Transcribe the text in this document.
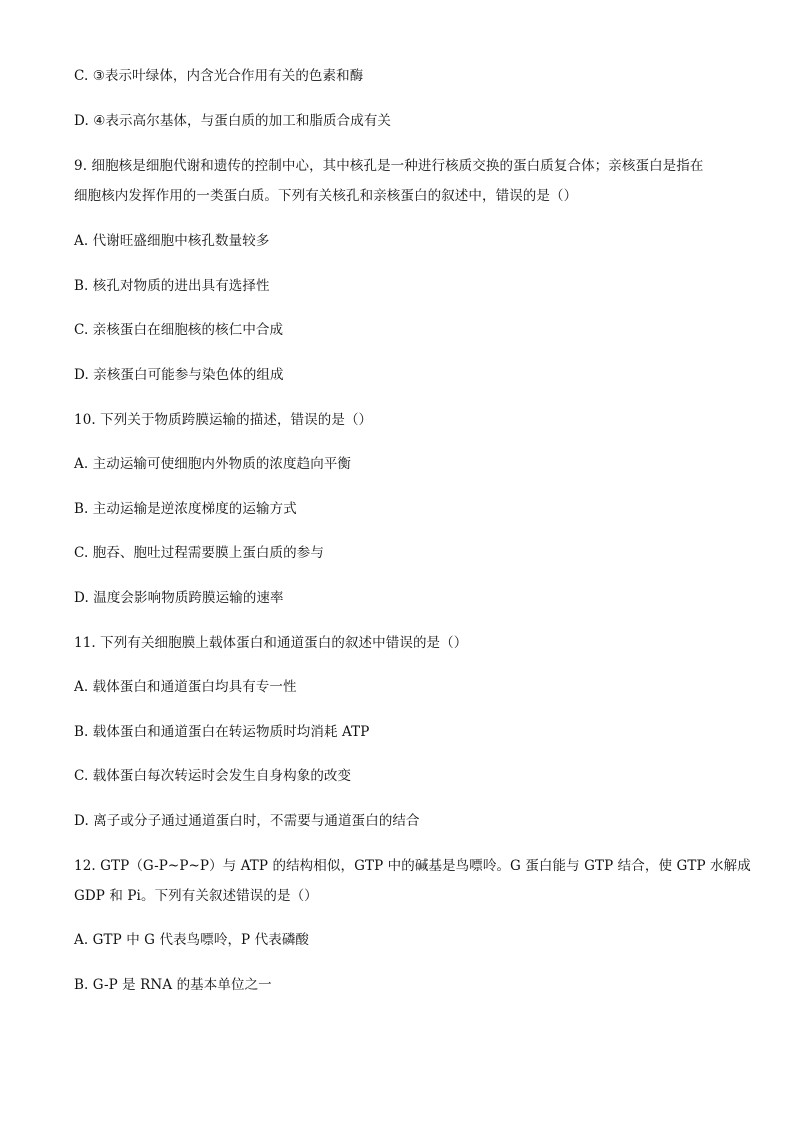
C. ③表示叶绿体，内含光合作用有关的色素和酶
D. ④表示高尔基体，与蛋白质的加工和脂质合成有关
9. 细胞核是细胞代谢和遗传的控制中心，其中核孔是一种进行核质交换的蛋白质复合体；亲核蛋白是指在
细胞核内发挥作用的一类蛋白质。下列有关核孔和亲核蛋白的叙述中，错误的是（）
A. 代谢旺盛细胞中核孔数量较多
B. 核孔对物质的进出具有选择性
C. 亲核蛋白在细胞核的核仁中合成
D. 亲核蛋白可能参与染色体的组成
10. 下列关于物质跨膜运输的描述，错误的是（）
A. 主动运输可使细胞内外物质的浓度趋向平衡
B. 主动运输是逆浓度梯度的运输方式
C. 胞吞、胞吐过程需要膜上蛋白质的参与
D. 温度会影响物质跨膜运输的速率
11. 下列有关细胞膜上载体蛋白和通道蛋白的叙述中错误的是（）
A. 载体蛋白和通道蛋白均具有专一性
B. 载体蛋白和通道蛋白在转运物质时均消耗 ATP
C. 载体蛋白每次转运时会发生自身构象的改变
D. 离子或分子通过通道蛋白时，不需要与通道蛋白的结合
12. GTP（G-P~P~P）与 ATP 的结构相似，GTP 中的碱基是鸟嘌呤。G 蛋白能与 GTP 结合，使 GTP 水解成
GDP 和 Pi。下列有关叙述错误的是（）
A. GTP 中 G 代表鸟嘌呤，P 代表磷酸
B. G-P 是 RNA 的基本单位之一
